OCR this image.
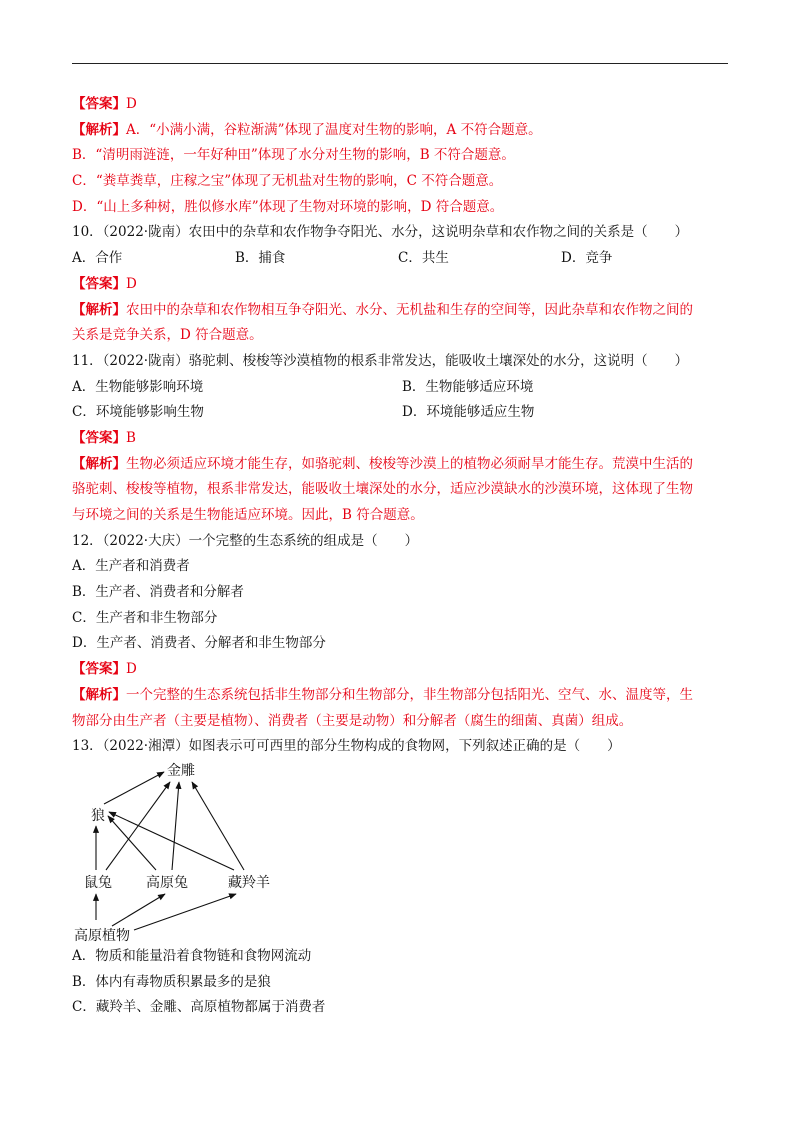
【答案】D
【解析】A．“小满小满，谷粒渐满”体现了温度对生物的影响，A 不符合题意。
B．“清明雨涟涟，一年好种田”体现了水分对生物的影响，B 不符合题意。
C．“粪草粪草，庄稼之宝”体现了无机盐对生物的影响，C 不符合题意。
D．“山上多种树，胜似修水库”体现了生物对环境的影响，D 符合题意。
10．（2022·陇南）农田中的杂草和农作物争夺阳光、水分，这说明杂草和农作物之间的关系是（　　）
A．合作	B．捕食	C．共生	D．竞争
【答案】D
【解析】农田中的杂草和农作物相互争夺阳光、水分、无机盐和生存的空间等，因此杂草和农作物之间的
关系是竞争关系，D 符合题意。
11．（2022·陇南）骆驼刺、梭梭等沙漠植物的根系非常发达，能吸收土壤深处的水分，这说明（　　）
A．生物能够影响环境	B．生物能够适应环境
C．环境能够影响生物	D．环境能够适应生物
【答案】B
【解析】生物必须适应环境才能生存，如骆驼刺、梭梭等沙漠上的植物必须耐旱才能生存。荒漠中生活的
骆驼刺、梭梭等植物，根系非常发达，能吸收土壤深处的水分，适应沙漠缺水的沙漠环境，这体现了生物
与环境之间的关系是生物能适应环境。因此，B 符合题意。
12．（2022·大庆）一个完整的生态系统的组成是（　　）
A．生产者和消费者
B．生产者、消费者和分解者
C．生产者和非生物部分
D．生产者、消费者、分解者和非生物部分
【答案】D
【解析】一个完整的生态系统包括非生物部分和生物部分，非生物部分包括阳光、空气、水、温度等，生
物部分由生产者（主要是植物）、消费者（主要是动物）和分解者（腐生的细菌、真菌）组成。
13．（2022·湘潭）如图表示可可西里的部分生物构成的食物网，下列叙述正确的是（　　）
金雕
狼
鼠兔 高原兔	藏羚羊
高原植物
A．物质和能量沿着食物链和食物网流动
B．体内有毒物质积累最多的是狼
C．藏羚羊、金雕、高原植物都属于消费者
